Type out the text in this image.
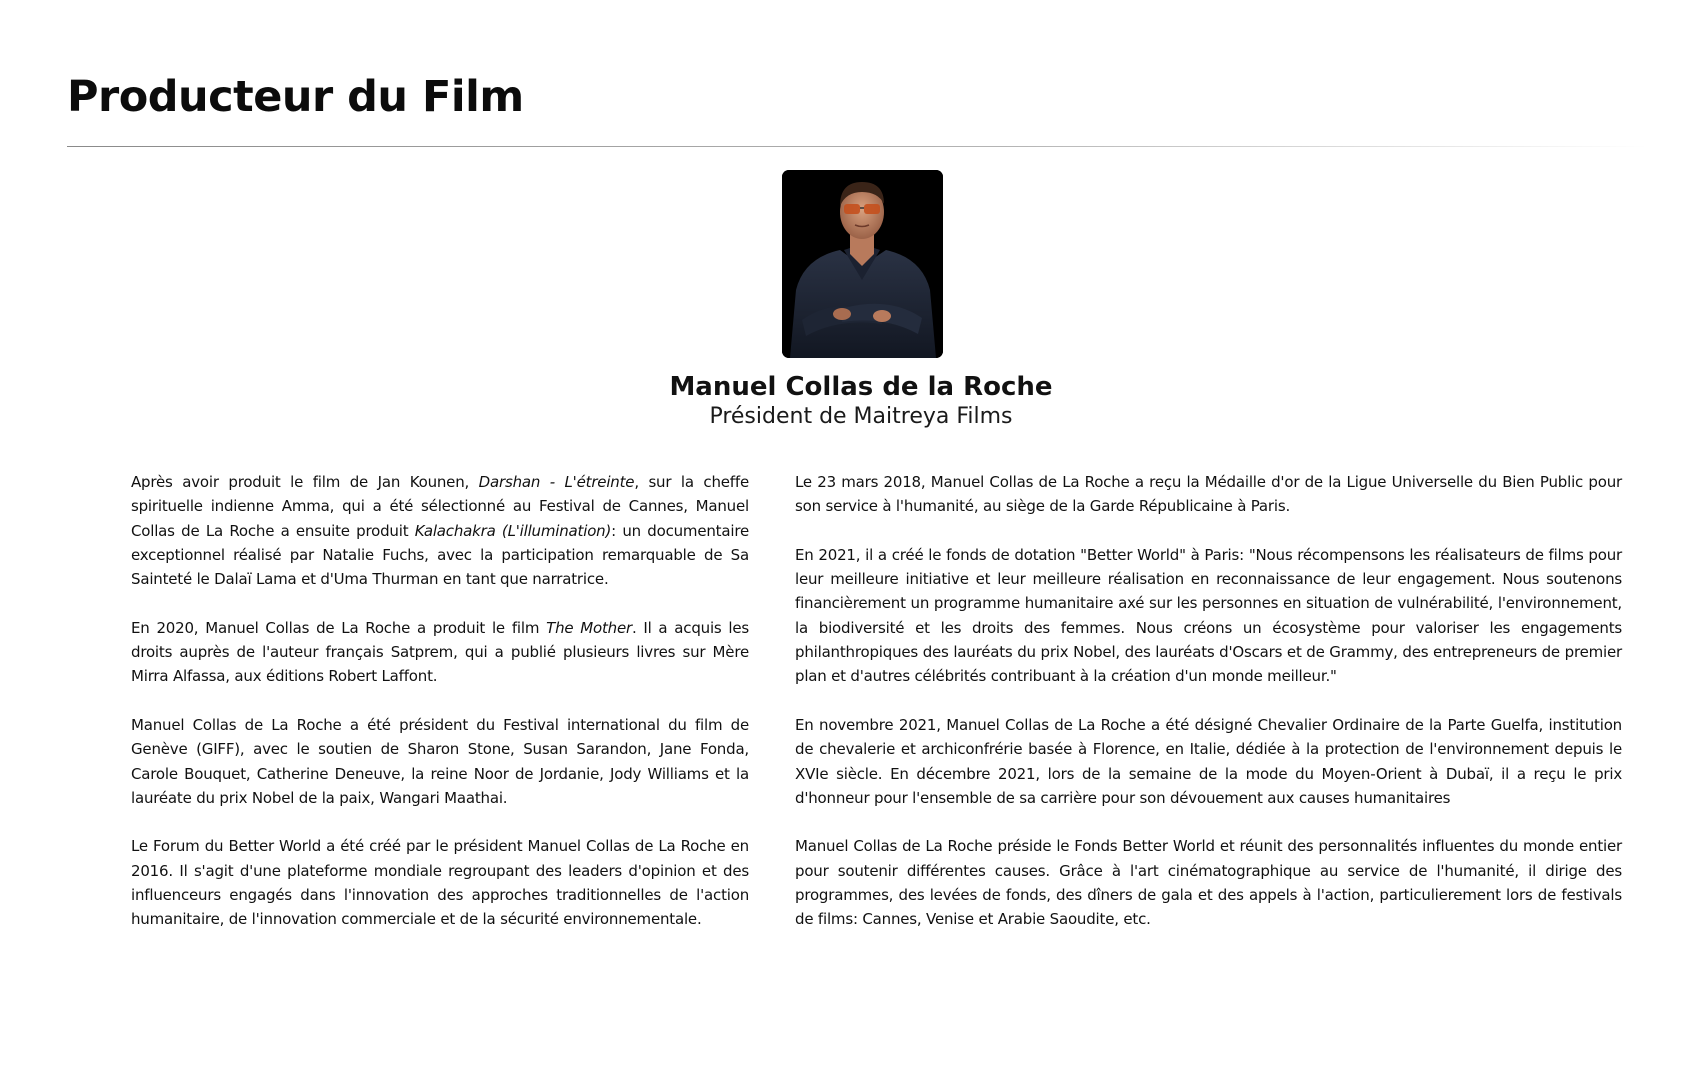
Producteur du Film
Manuel Collas de la Roche
Président de Maitreya Films

Après avoir produit le film de Jan Kounen, Darshan - L'étreinte, sur la cheffe spirituelle indienne Amma, qui a été sélectionné au Festival de Cannes, Manuel Collas de La Roche a ensuite produit Kalachakra (L'illumination): un documentaire exceptionnel réalisé par Natalie Fuchs, avec la participation remarquable de Sa Sainteté le Dalaï Lama et d'Uma Thurman en tant que narratrice.

En 2020, Manuel Collas de La Roche a produit le film The Mother. Il a acquis les droits auprès de l'auteur français Satprem, qui a publié plusieurs livres sur Mère Mirra Alfassa, aux éditions Robert Laffont.

Manuel Collas de La Roche a été président du Festival international du film de Genève (GIFF), avec le soutien de Sharon Stone, Susan Sarandon, Jane Fonda, Carole Bouquet, Catherine Deneuve, la reine Noor de Jordanie, Jody Williams et la lauréate du prix Nobel de la paix, Wangari Maathai.

Le Forum du Better World a été créé par le président Manuel Collas de La Roche en 2016. Il s'agit d'une plateforme mondiale regroupant des leaders d'opinion et des influenceurs engagés dans l'innovation des approches traditionnelles de l'action humanitaire, de l'innovation commerciale et de la sécurité environnementale.

Le 23 mars 2018, Manuel Collas de La Roche a reçu la Médaille d'or de la Ligue Universelle du Bien Public pour son service à l'humanité, au siège de la Garde Républicaine à Paris.

En 2021, il a créé le fonds de dotation "Better World" à Paris: "Nous récompensons les réalisateurs de films pour leur meilleure initiative et leur meilleure réalisation en reconnaissance de leur engagement. Nous soutenons financièrement un programme humanitaire axé sur les personnes en situation de vulnérabilité, l'environnement, la biodiversité et les droits des femmes. Nous créons un écosystème pour valoriser les engagements philanthropiques des lauréats du prix Nobel, des lauréats d'Oscars et de Grammy, des entrepreneurs de premier plan et d'autres célébrités contribuant à la création d'un monde meilleur."

En novembre 2021, Manuel Collas de La Roche a été désigné Chevalier Ordinaire de la Parte Guelfa, institution de chevalerie et archiconfrérie basée à Florence, en Italie, dédiée à la protection de l'environnement depuis le XVIe siècle. En décembre 2021, lors de la semaine de la mode du Moyen-Orient à Dubaï, il a reçu le prix d'honneur pour l'ensemble de sa carrière pour son dévouement aux causes humanitaires

Manuel Collas de La Roche préside le Fonds Better World et réunit des personnalités influentes du monde entier pour soutenir différentes causes. Grâce à l'art cinématographique au service de l'humanité, il dirige des programmes, des levées de fonds, des dîners de gala et des appels à l'action, particulierement lors de festivals de films: Cannes, Venise et Arabie Saoudite, etc.
